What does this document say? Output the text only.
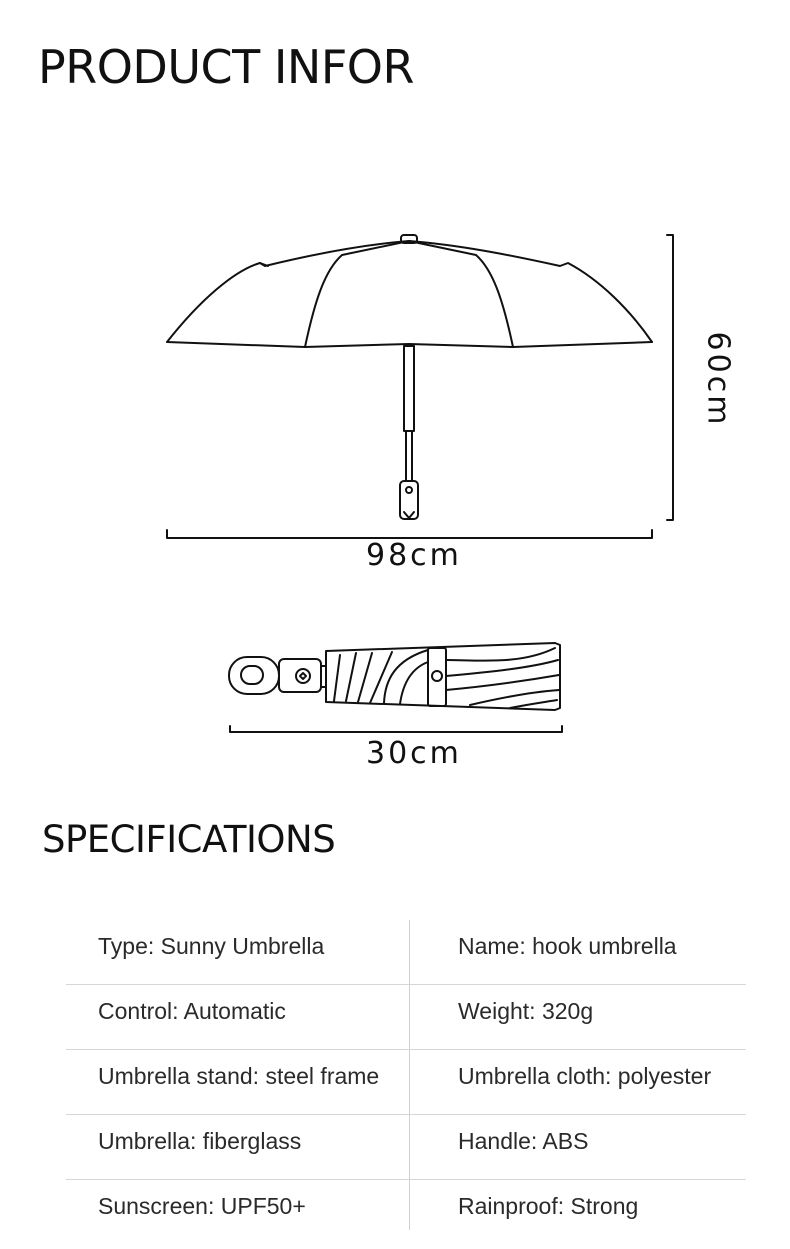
PRODUCT INFOR
98cm
60cm
30cm
SPECIFICATIONS
Type: Sunny Umbrella	Name: hook umbrella
Control: Automatic	Weight: 320g
Umbrella stand: steel frame	Umbrella cloth: polyester
Umbrella: fiberglass	Handle: ABS
Sunscreen: UPF50+	Rainproof: Strong
